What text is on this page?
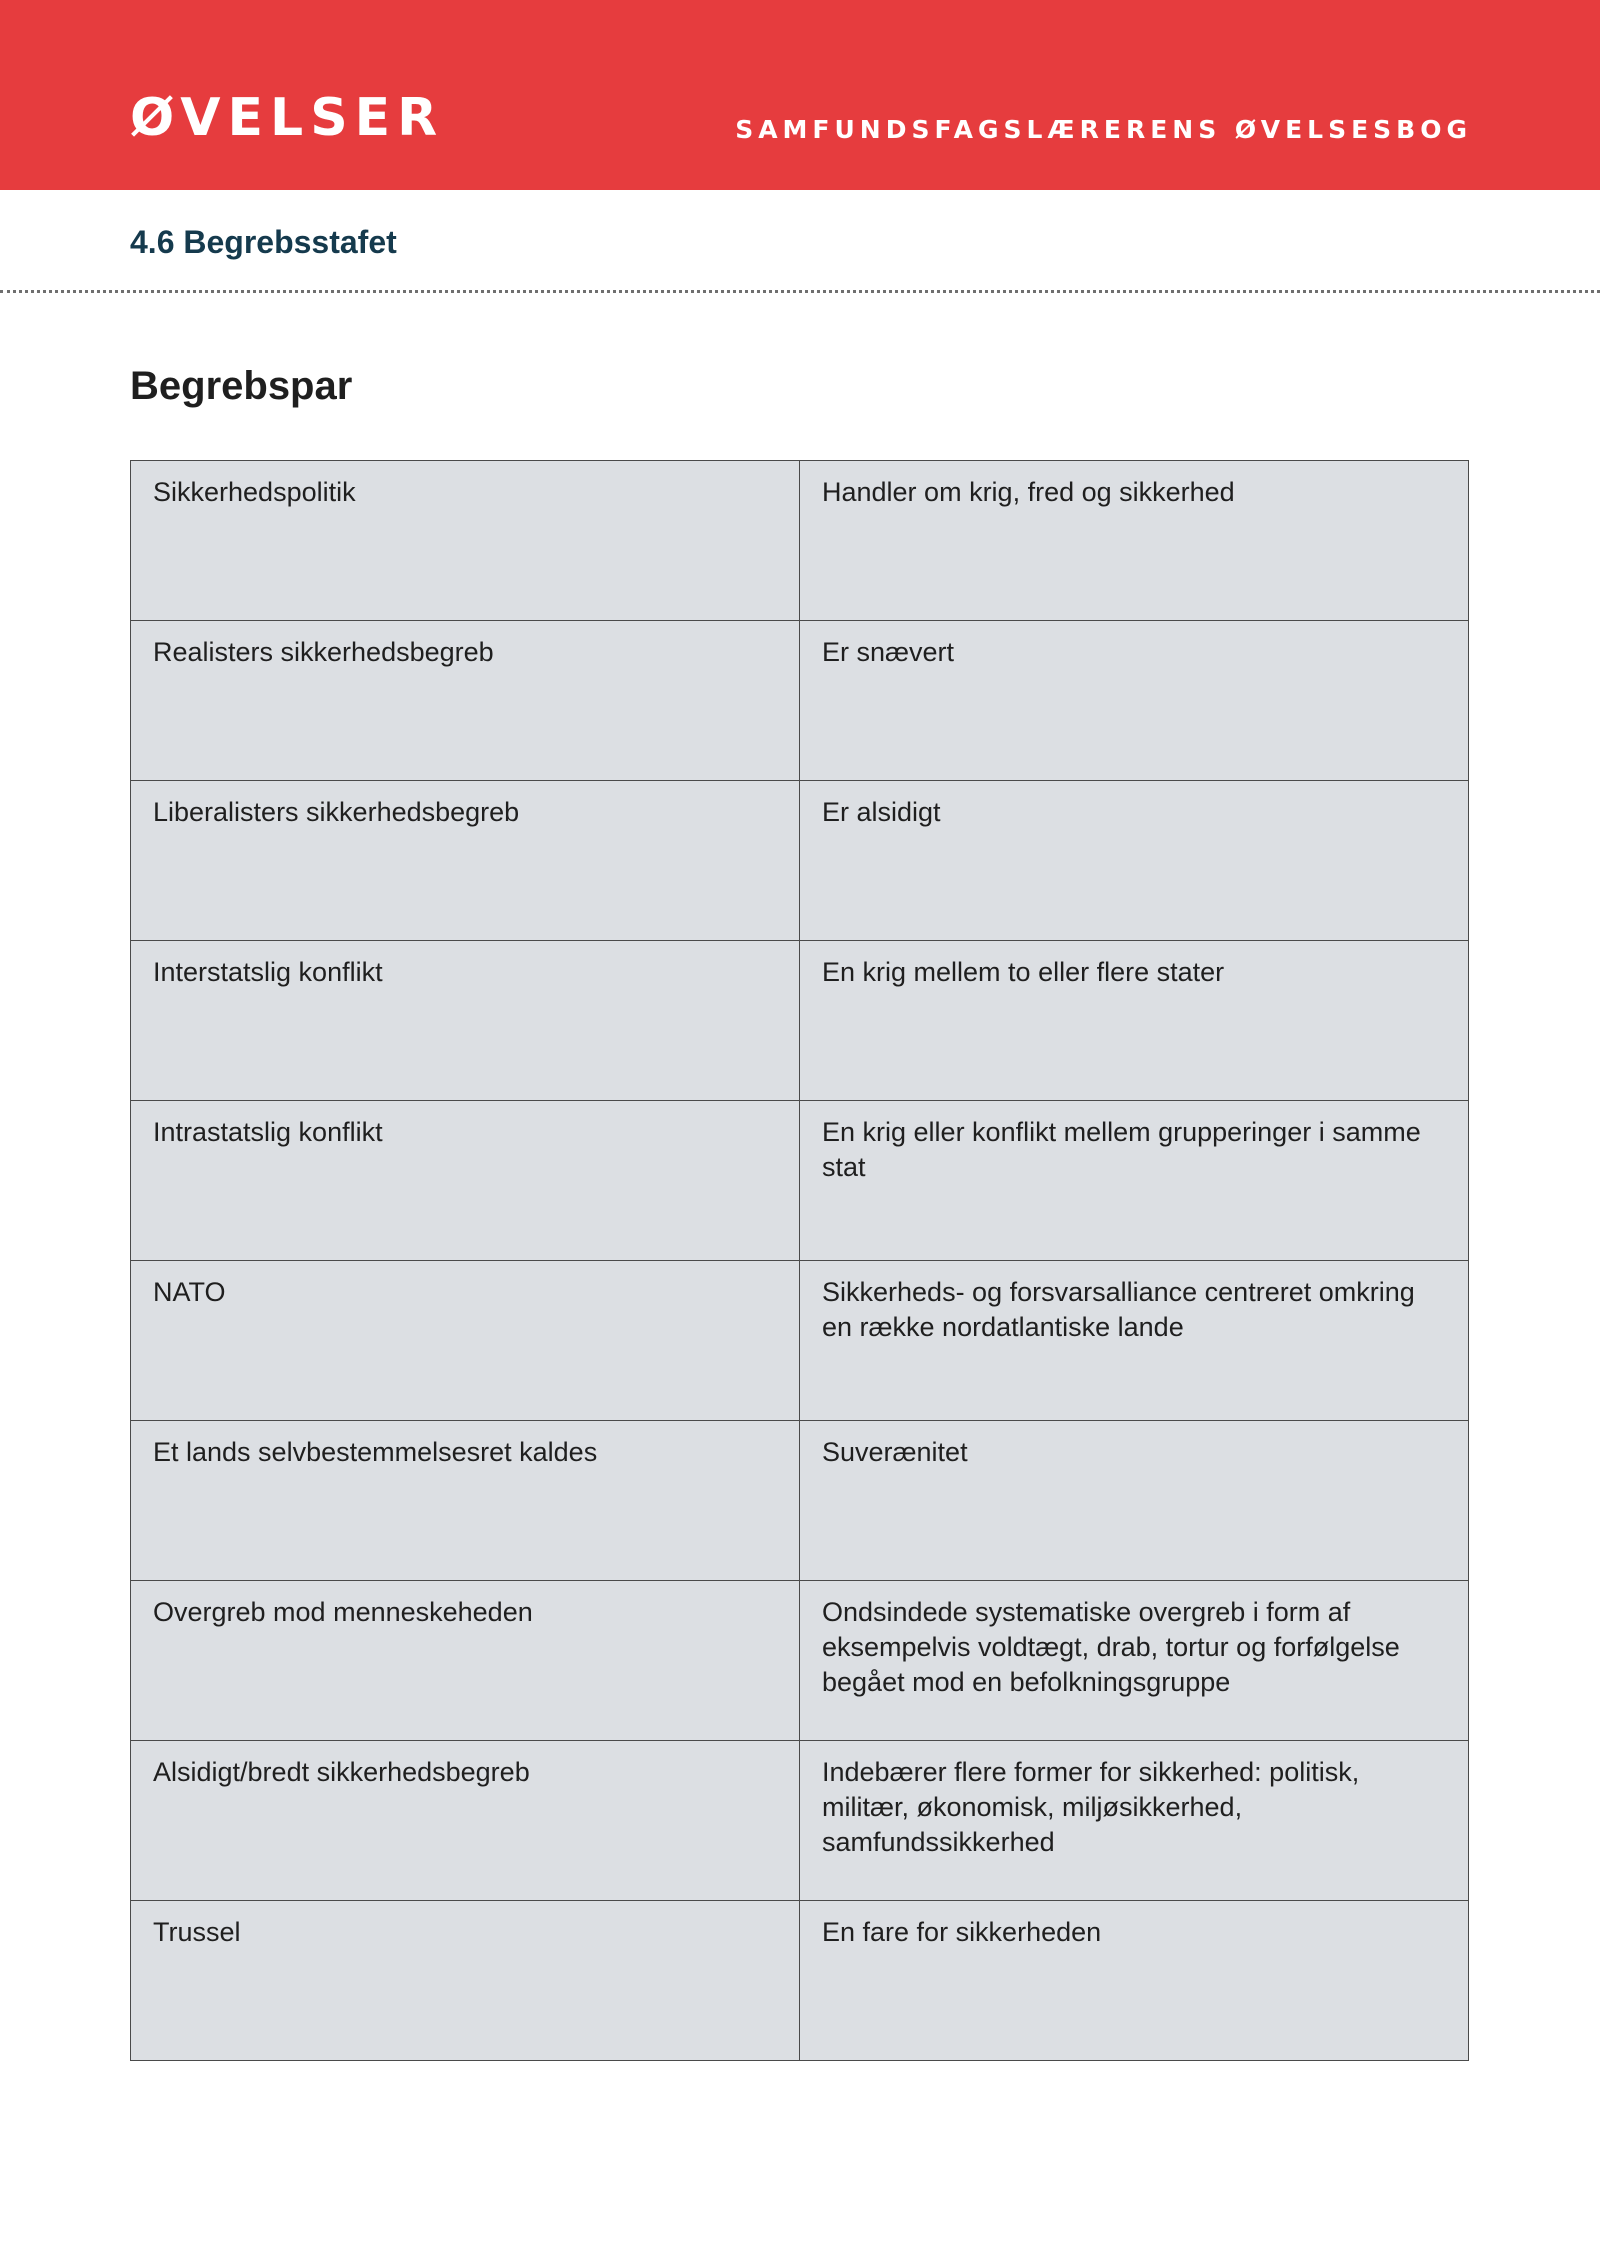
ØVELSER	SAMFUNDSFAGSLÆRERENS ØVELSESBOG
4.6 Begrebsstafet
Begrebspar
Sikkerhedspolitik	Handler om krig, fred og sikkerhed
Realisters sikkerhedsbegreb	Er snævert
Liberalisters sikkerhedsbegreb	Er alsidigt
Interstatslig konflikt	En krig mellem to eller flere stater
Intrastatslig konflikt	En krig eller konflikt mellem grupperinger i samme stat
NATO	Sikkerheds- og forsvarsalliance centreret omkring en række nordatlantiske lande
Et lands selvbestemmelsesret kaldes	Suverænitet
Overgreb mod menneskeheden	Ondsindede systematiske overgreb i form af eksempelvis voldtægt, drab, tortur og forfølgelse begået mod en befolkningsgruppe
Alsidigt/bredt sikkerhedsbegreb	Indebærer flere former for sikkerhed: politisk, militær, økonomisk, miljøsikkerhed, samfundssikkerhed
Trussel	En fare for sikkerheden
